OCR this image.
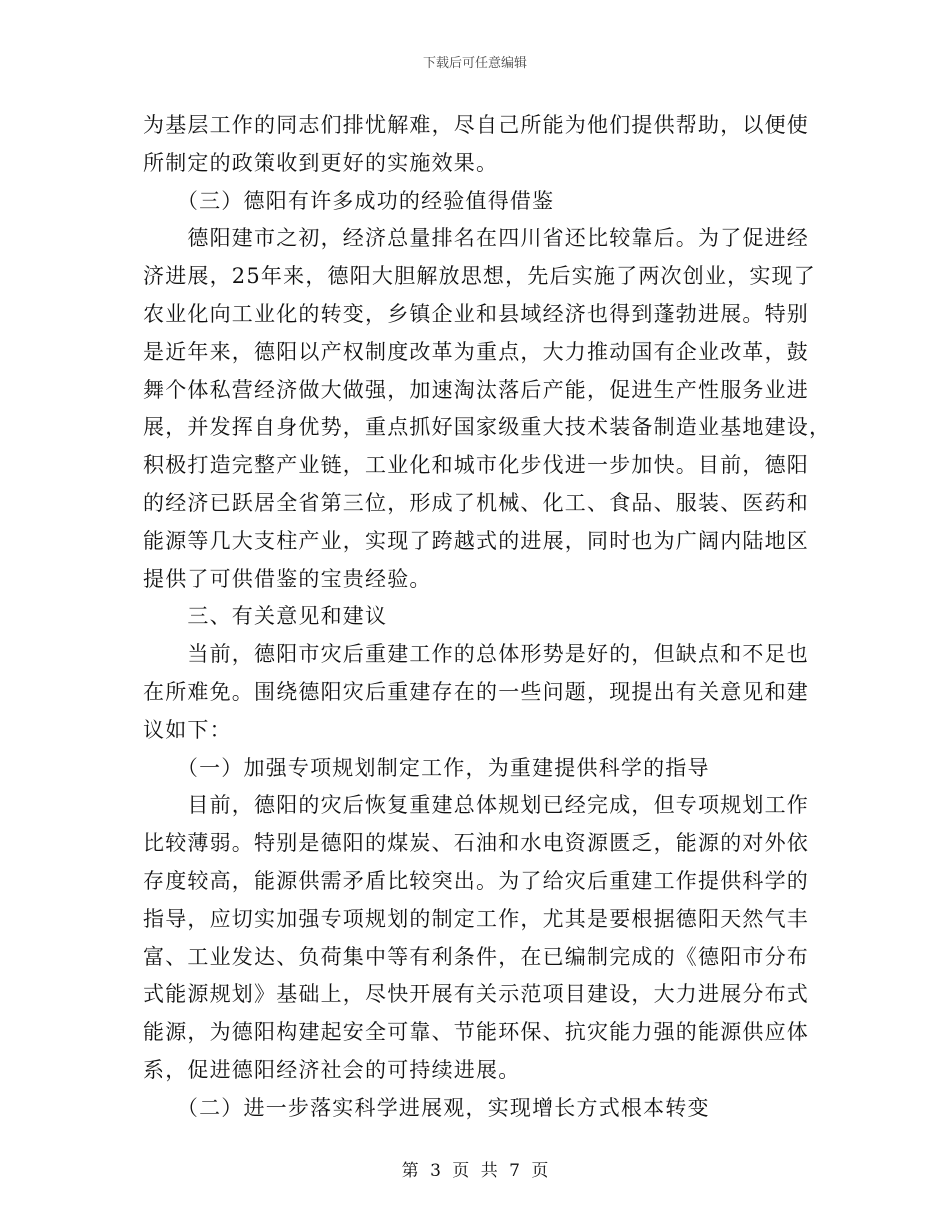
下载后可任意编辑
为基层工作的同志们排忧解难，尽自己所能为他们提供帮助，以便使
所制定的政策收到更好的实施效果。
　　（三）德阳有许多成功的经验值得借鉴
　　德阳建市之初，经济总量排名在四川省还比较靠后。为了促进经
济进展，25年来，德阳大胆解放思想，先后实施了两次创业，实现了
农业化向工业化的转变，乡镇企业和县域经济也得到蓬勃进展。特别
是近年来，德阳以产权制度改革为重点，大力推动国有企业改革，鼓
舞个体私营经济做大做强，加速淘汰落后产能，促进生产性服务业进
展，并发挥自身优势，重点抓好国家级重大技术装备制造业基地建设，
积极打造完整产业链，工业化和城市化步伐进一步加快。目前，德阳
的经济已跃居全省第三位，形成了机械、化工、食品、服装、医药和
能源等几大支柱产业，实现了跨越式的进展，同时也为广阔内陆地区
提供了可供借鉴的宝贵经验。
　　三、有关意见和建议
　　当前，德阳市灾后重建工作的总体形势是好的，但缺点和不足也
在所难免。围绕德阳灾后重建存在的一些问题，现提出有关意见和建
议如下：
　　（一）加强专项规划制定工作，为重建提供科学的指导
　　目前，德阳的灾后恢复重建总体规划已经完成，但专项规划工作
比较薄弱。特别是德阳的煤炭、石油和水电资源匮乏，能源的对外依
存度较高，能源供需矛盾比较突出。为了给灾后重建工作提供科学的
指导，应切实加强专项规划的制定工作，尤其是要根据德阳天然气丰
富、工业发达、负荷集中等有利条件，在已编制完成的《德阳市分布
式能源规划》基础上，尽快开展有关示范项目建设，大力进展分布式
能源，为德阳构建起安全可靠、节能环保、抗灾能力强的能源供应体
系，促进德阳经济社会的可持续进展。
　　（二）进一步落实科学进展观，实现增长方式根本转变
第 3 页 共 7 页
